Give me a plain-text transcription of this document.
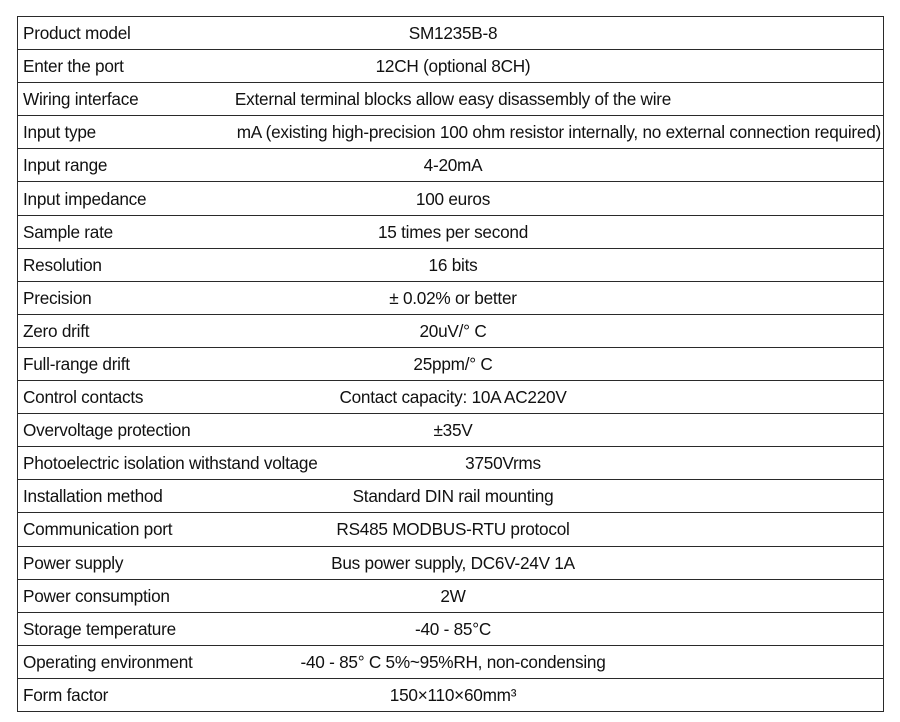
Product model	SM1235B-8
Enter the port	12CH (optional 8CH)
Wiring interface	External terminal blocks allow easy disassembly of the wire
Input type	mA (existing high-precision 100 ohm resistor internally, no external connection required)
Input range	4-20mA
Input impedance	100 euros
Sample rate	15 times per second
Resolution	16 bits
Precision	± 0.02% or better
Zero drift	20uV/° C
Full-range drift	25ppm/° C
Control contacts	Contact capacity: 10A AC220V
Overvoltage protection	±35V
Photoelectric isolation withstand voltage	3750Vrms
Installation method	Standard DIN rail mounting
Communication port	RS485 MODBUS-RTU protocol
Power supply	Bus power supply, DC6V-24V 1A
Power consumption	2W
Storage temperature	-40 - 85°C
Operating environment	-40 - 85° C 5%~95%RH, non-condensing
Form factor	150×110×60mm³
